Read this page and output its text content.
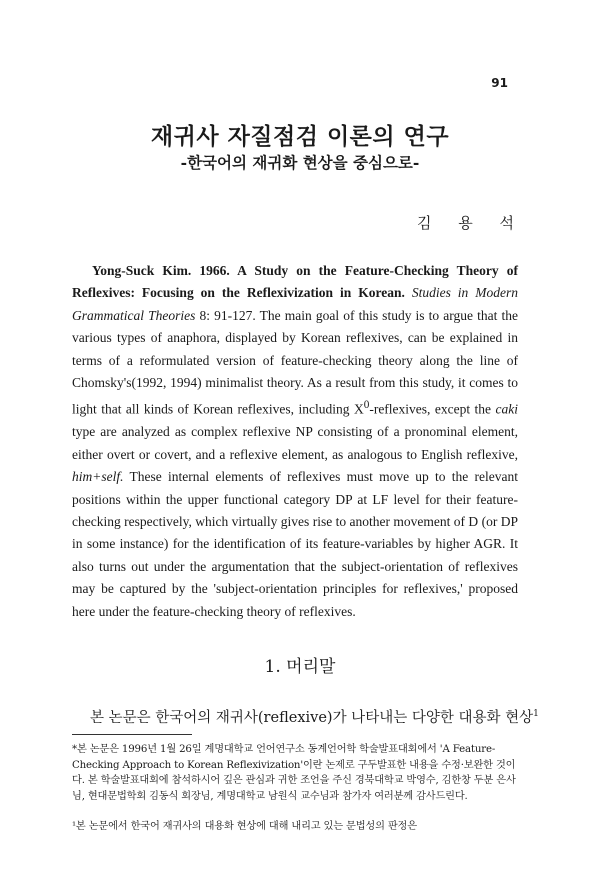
91
재귀사 자질점검 이론의 연구
-한국어의 재귀화 현상을 중심으로-
김 용 석

Yong-Suck Kim. 1966. A Study on the Feature-Checking Theory of Reflexives: Focusing on the Reflexivization in Korean. Studies in Modern Grammatical Theories 8: 91-127. The main goal of this study is to argue that the various types of anaphora, displayed by Korean reflexives, can be explained in terms of a reformulated version of feature-checking theory along the line of Chomsky's(1992, 1994) minimalist theory. As a result from this study, it comes to light that all kinds of Korean reflexives, including $X^0$-reflexives, except the caki type are analyzed as complex reflexive NP consisting of a pronominal element, either overt or covert, and a reflexive element, as analogous to English reflexive, him+self. These internal elements of reflexives must move up to the relevant positions within the upper functional category DP at LF level for their feature-checking respectively, which virtually gives rise to another movement of D (or DP in some instance) for the identification of its feature-variables by higher AGR. It also turns out under the argumentation that the subject-orientation of reflexives may be captured by the 'subject-orientation principles for reflexives,' proposed here under the feature-checking theory of reflexives.

1. 머리말

본 논문은 한국어의 재귀사(reflexive)가 나타내는 다양한 대용화 현상$^1$

*본 논문은 1996년 1월 26일 계명대학교 언어연구소 동계언어학 학술발표대회에서 'A Feature-Checking Approach to Korean Reflexivization'이란 논제로 구두발표한 내용을 수정·보완한 것이다. 본 학술발표대회에 참석하시어 깊은 관심과 귀한 조언을 주신 경북대학교 박영수, 김한창 두분 은사님, 현대문법학회 김동식 회장님, 계명대학교 남원식 교수님과 참가자 여러분께 감사드린다.

¹본 논문에서 한국어 재귀사의 대용화 현상에 대해 내리고 있는 문법성의 판정은
